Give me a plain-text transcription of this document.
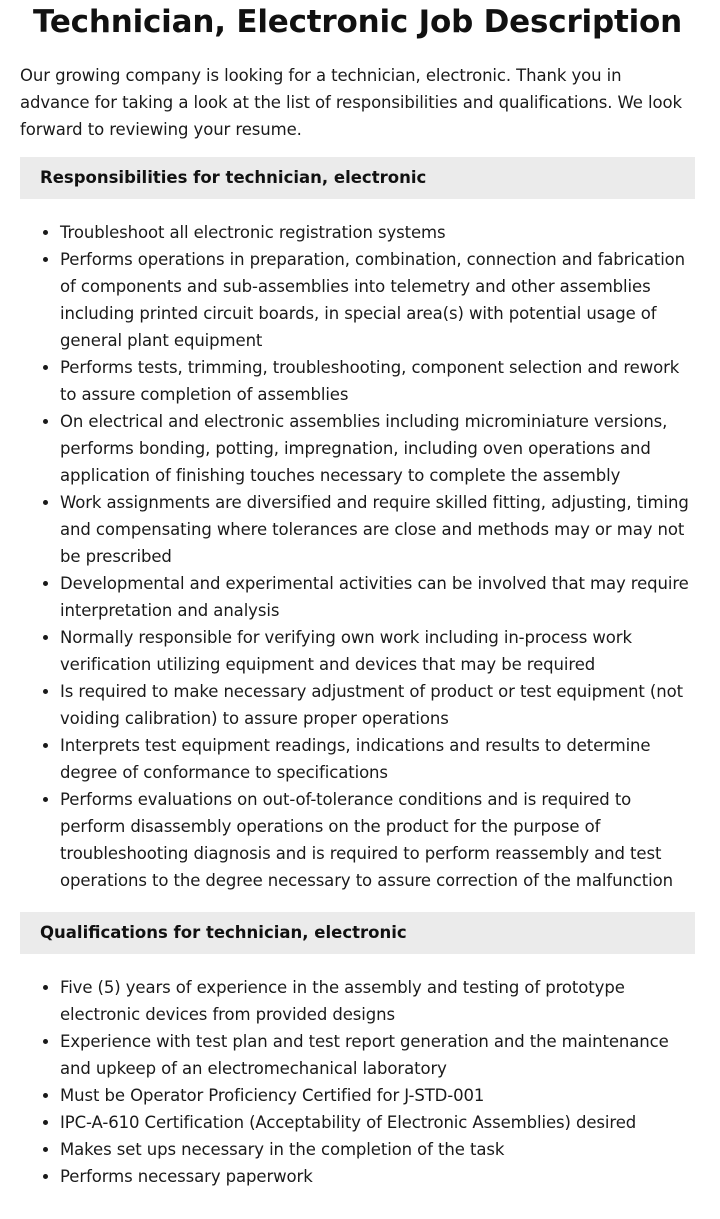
Technician, Electronic Job Description

Our growing company is looking for a technician, electronic. Thank you in advance for taking a look at the list of responsibilities and qualifications. We look forward to reviewing your resume.

Responsibilities for technician, electronic
• Troubleshoot all electronic registration systems
• Performs operations in preparation, combination, connection and fabrication of components and sub-assemblies into telemetry and other assemblies including printed circuit boards, in special area(s) with potential usage of general plant equipment
• Performs tests, trimming, troubleshooting, component selection and rework to assure completion of assemblies
• On electrical and electronic assemblies including microminiature versions, performs bonding, potting, impregnation, including oven operations and application of finishing touches necessary to complete the assembly
• Work assignments are diversified and require skilled fitting, adjusting, timing and compensating where tolerances are close and methods may or may not be prescribed
• Developmental and experimental activities can be involved that may require interpretation and analysis
• Normally responsible for verifying own work including in-process work verification utilizing equipment and devices that may be required
• Is required to make necessary adjustment of product or test equipment (not voiding calibration) to assure proper operations
• Interprets test equipment readings, indications and results to determine degree of conformance to specifications
• Performs evaluations on out-of-tolerance conditions and is required to perform disassembly operations on the product for the purpose of troubleshooting diagnosis and is required to perform reassembly and test operations to the degree necessary to assure correction of the malfunction
Qualifications for technician, electronic
• Five (5) years of experience in the assembly and testing of prototype electronic devices from provided designs
• Experience with test plan and test report generation and the maintenance and upkeep of an electromechanical laboratory
• Must be Operator Proficiency Certified for J-STD-001
• IPC-A-610 Certification (Acceptability of Electronic Assemblies) desired
• Makes set ups necessary in the completion of the task
• Performs necessary paperwork
